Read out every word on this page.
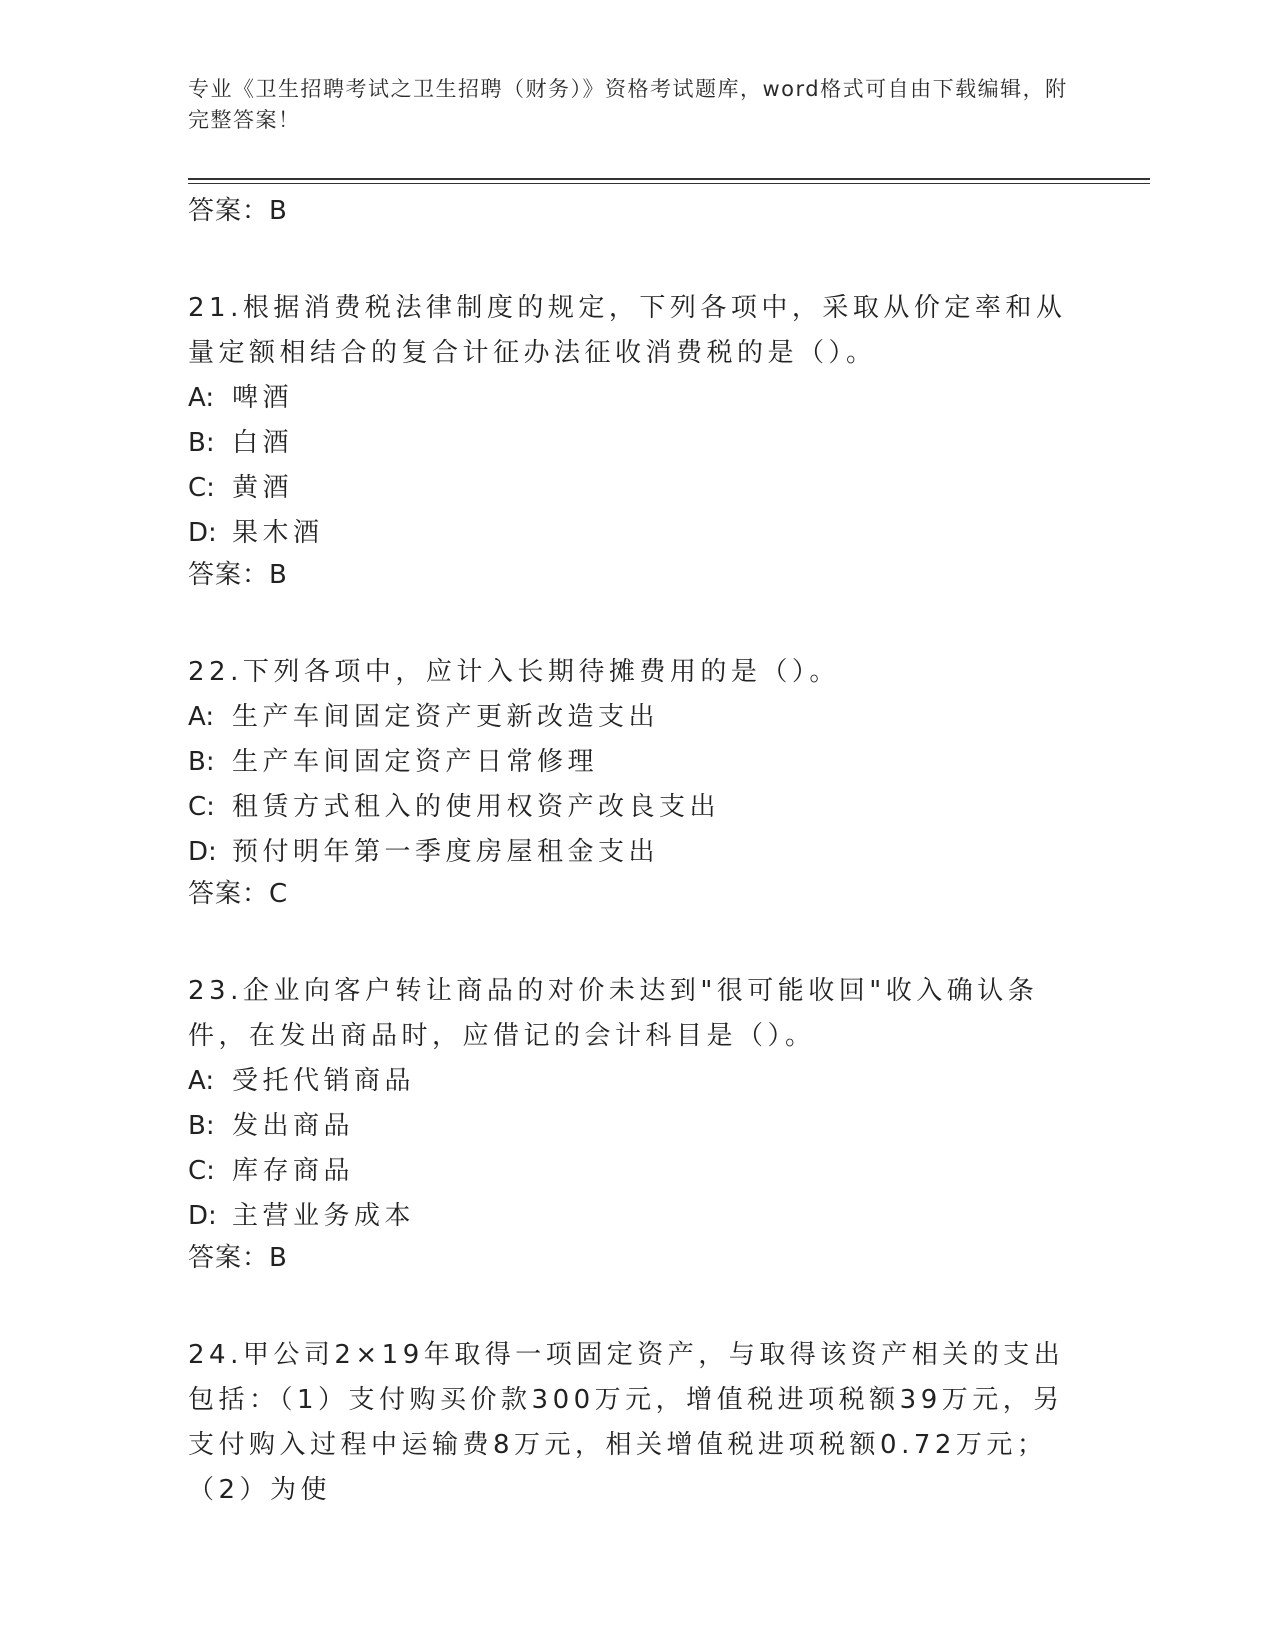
专业《卫生招聘考试之卫生招聘（财务）》资格考试题库，word格式可自由下载编辑，附完整答案！
答案：B

21.根据消费税法律制度的规定，下列各项中，采取从价定率和从量定额相结合的复合计征办法征收消费税的是（）。

A: 啤酒
B: 白酒
C: 黄酒
D: 果木酒
答案：B

22.下列各项中，应计入长期待摊费用的是（）。

A: 生产车间固定资产更新改造支出
B: 生产车间固定资产日常修理
C: 租赁方式租入的使用权资产改良支出
D: 预付明年第一季度房屋租金支出
答案：C

23.企业向客户转让商品的对价未达到"很可能收回"收入确认条件，在发出商品时，应借记的会计科目是（）。

A: 受托代销商品
B: 发出商品
C: 库存商品
D: 主营业务成本
答案：B

24.甲公司2×19年取得一项固定资产，与取得该资产相关的支出包括：（1）支付购买价款300万元，增值税进项税额39万元，另支付购入过程中运输费8万元，相关增值税进项税额0.72万元；（2）为使
